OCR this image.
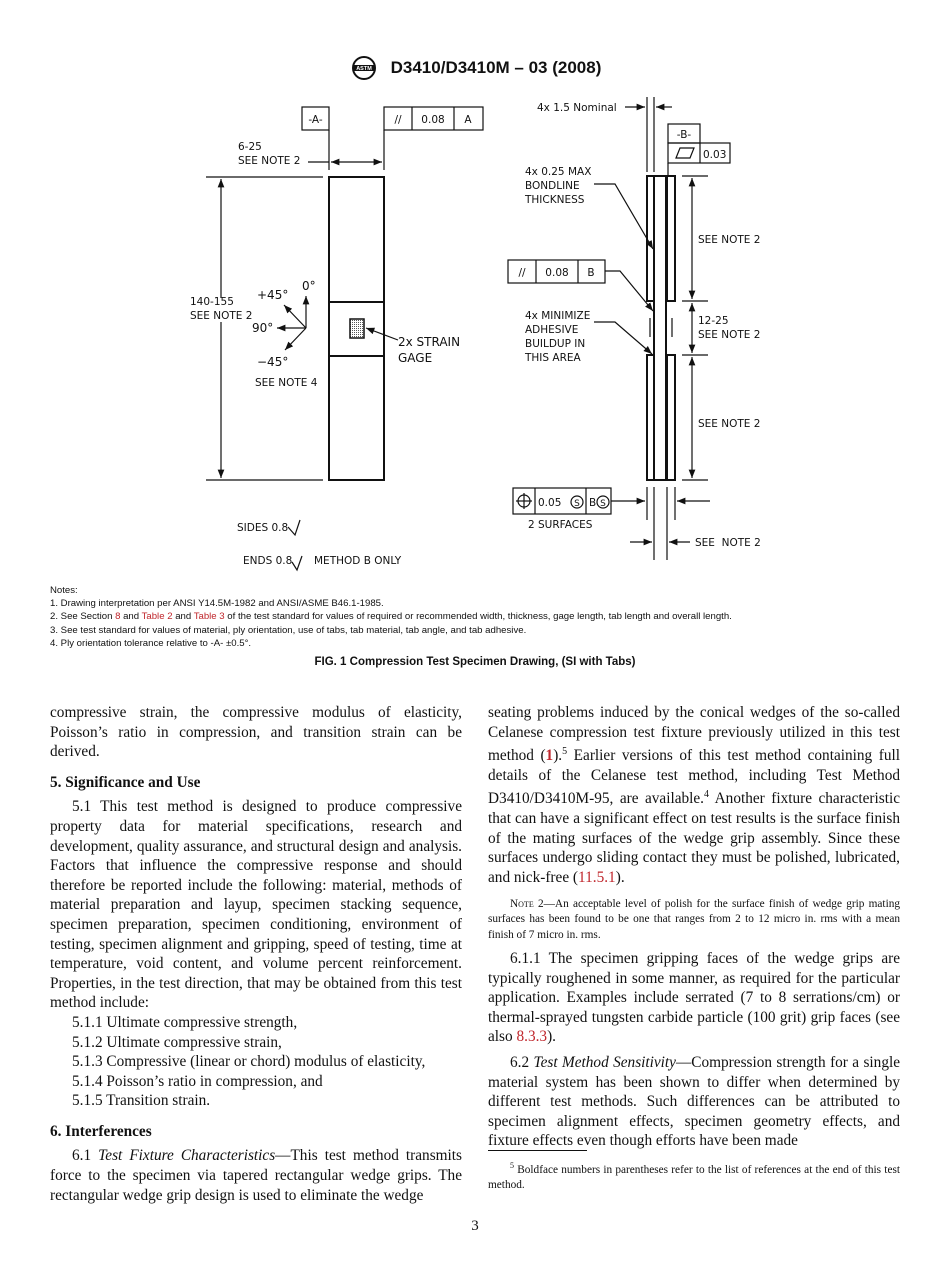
ASTM D3410/D3410M – 03 (2008)
-A-	// 0.08 A
6-25
SEE NOTE 2
140-155
SEE NOTE 2
2x STRAIN
GAGE
0°
+45°
90°
−45°
SEE NOTE 4
SIDES 0.8
ENDS 0.8 METHOD B ONLY
4x 1.5 Nominal
-B-
0.03
SEE NOTE 2
12-25
SEE NOTE 2
SEE NOTE 2
4x 0.25 MAX
BONDLINE
THICKNESS
// 0.08 B
4x MINIMIZE
ADHESIVE
BUILDUP IN
THIS AREA
0.05 S B S
2 SURFACES
SEE  NOTE 2
Notes:
1. Drawing interpretation per ANSI Y14.5M-1982 and ANSI/ASME B46.1-1985.
2. See Section 8 and Table 2 and Table 3 of the test standard for values of required or recommended width, thickness, gage length, tab length and overall length.
3. See test standard for values of material, ply orientation, use of tabs, tab material, tab angle, and tab adhesive.
4. Ply orientation tolerance relative to -A- ±0.5°.
FIG. 1 Compression Test Specimen Drawing, (SI with Tabs)

compressive strain, the compressive modulus of elasticity, Poisson’s ratio in compression, and transition strain can be derived.

5. Significance and Use

5.1 This test method is designed to produce compressive property data for material specifications, research and development, quality assurance, and structural design and analysis. Factors that influence the compressive response and should therefore be reported include the following: material, methods of material preparation and layup, specimen stacking sequence, specimen preparation, specimen conditioning, environment of testing, specimen alignment and gripping, speed of testing, time at temperature, void content, and volume percent reinforcement. Properties, in the test direction, that may be obtained from this test method include:

5.1.1 Ultimate compressive strength,

5.1.2 Ultimate compressive strain,

5.1.3 Compressive (linear or chord) modulus of elasticity,

5.1.4 Poisson’s ratio in compression, and

5.1.5 Transition strain.

6. Interferences

6.1 Test Fixture Characteristics—This test method transmits force to the specimen via tapered rectangular wedge grips. The rectangular wedge grip design is used to eliminate the wedge

seating problems induced by the conical wedges of the so-called Celanese compression test fixture previously utilized in this test method (1).$^5$ Earlier versions of this test method containing full details of the Celanese test method, including Test Method D3410/D3410M-95, are available.$^4$ Another fixture characteristic that can have a significant effect on test results is the surface finish of the mating surfaces of the wedge grip assembly. Since these surfaces undergo sliding contact they must be polished, lubricated, and nick-free (11.5.1).

Note 2—An acceptable level of polish for the surface finish of wedge grip mating surfaces has been found to be one that ranges from 2 to 12 micro in. rms with a mean finish of 7 micro in. rms.

6.1.1 The specimen gripping faces of the wedge grips are typically roughened in some manner, as required for the particular application. Examples include serrated (7 to 8 serrations/cm) or thermal-sprayed tungsten carbide particle (100 grit) grip faces (see also 8.3.3).

6.2 Test Method Sensitivity—Compression strength for a single material system has been shown to differ when determined by different test methods. Such differences can be attributed to specimen alignment effects, specimen geometry effects, and fixture effects even though efforts have been made

$^5$ Boldface numbers in parentheses refer to the list of references at the end of this test method.
3
